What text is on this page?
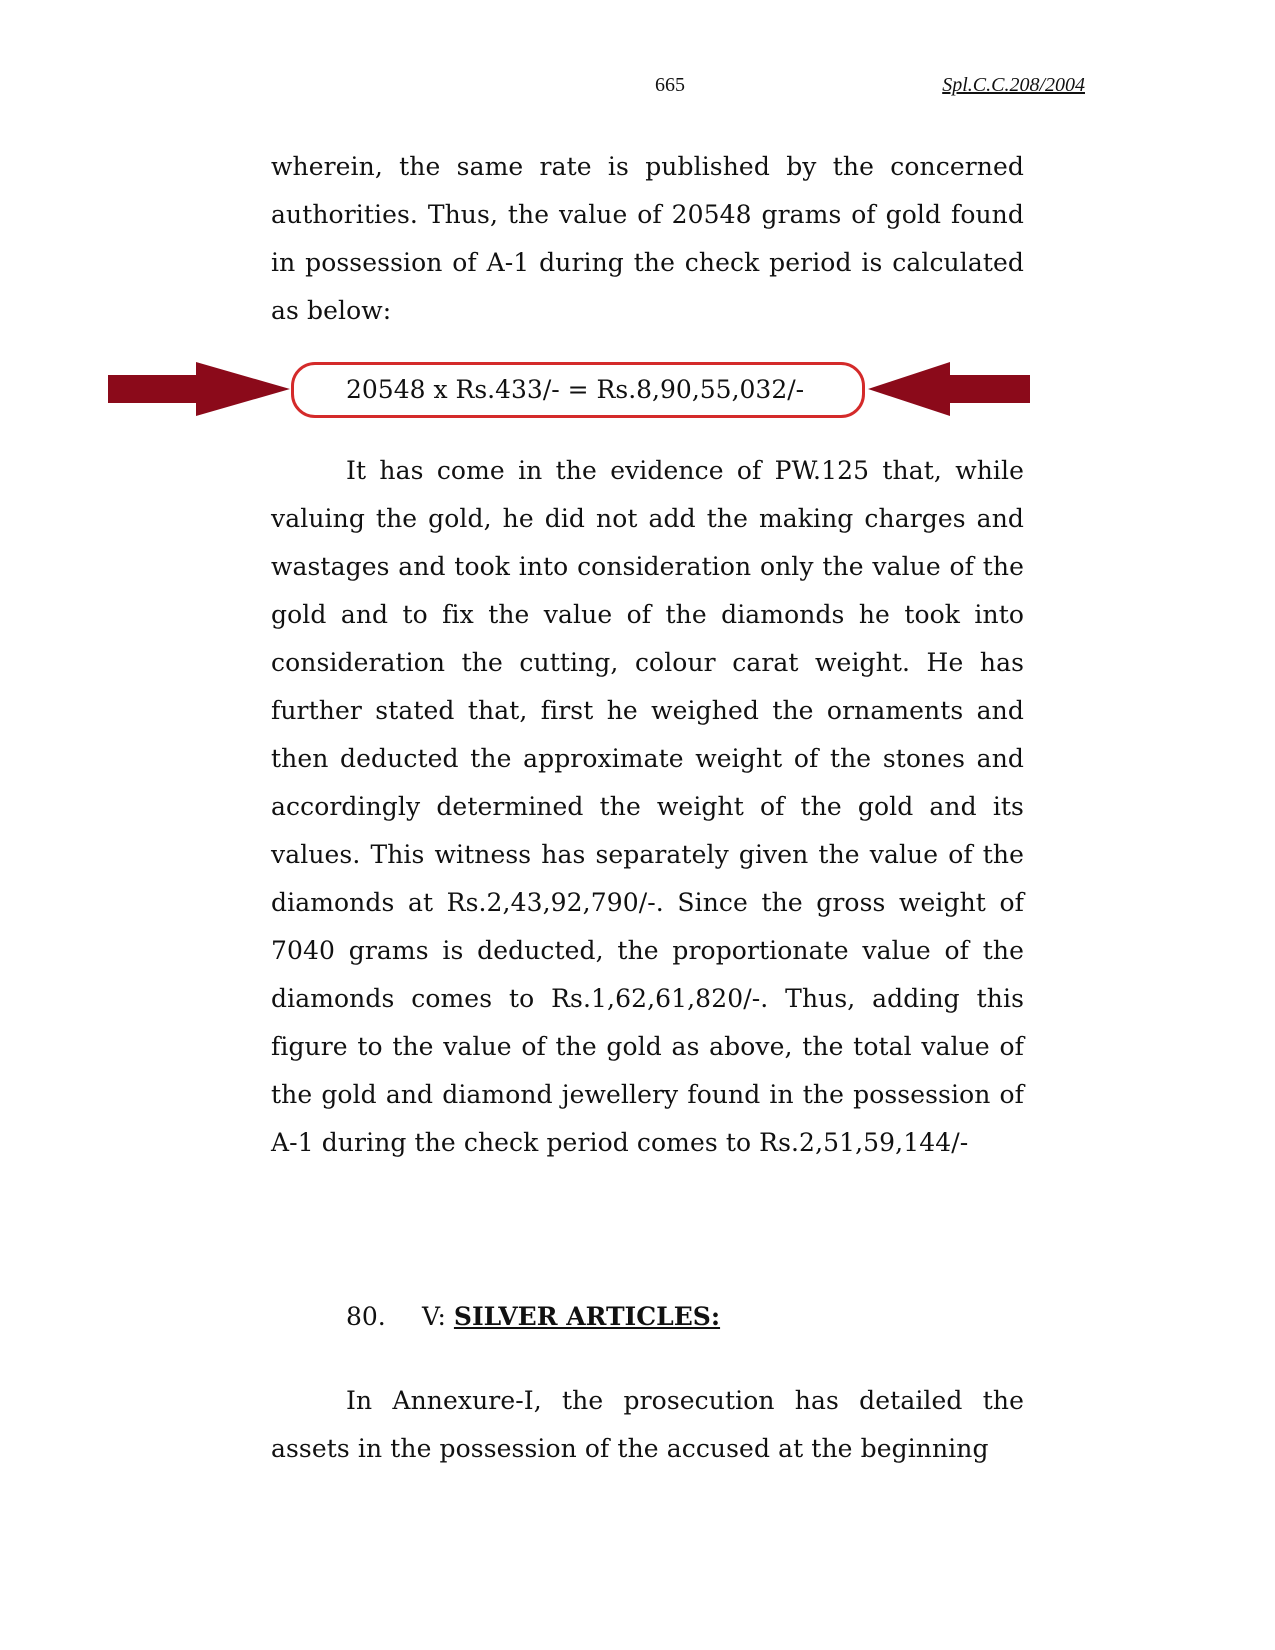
665	Spl.C.C.208/2004
wherein, the same rate is published by the concerned authorities. Thus, the value of 20548 grams of gold found in possession of A-1 during the check period is calculated as below:
20548 x Rs.433/- = Rs.8,90,55,032/-
It has come in the evidence of PW.125 that, while valuing the gold, he did not add the making charges and wastages and took into consideration only the value of the gold and to fix the value of the diamonds he took into consideration the cutting, colour carat weight. He has further stated that, first he weighed the ornaments and then deducted the approximate weight of the stones and accordingly determined the weight of the gold and its values. This witness has separately given the value of the diamonds at Rs.2,43,92,790/-. Since the gross weight of 7040 grams is deducted, the proportionate value of the diamonds comes to Rs.1,62,61,820/-. Thus, adding this figure to the value of the gold as above, the total value of the gold and diamond jewellery found in the possession of A-1 during the check period comes to Rs.2,51,59,144/-
80. V: SILVER ARTICLES:
In Annexure-I, the prosecution has detailed the assets in the possession of the accused at the beginning
